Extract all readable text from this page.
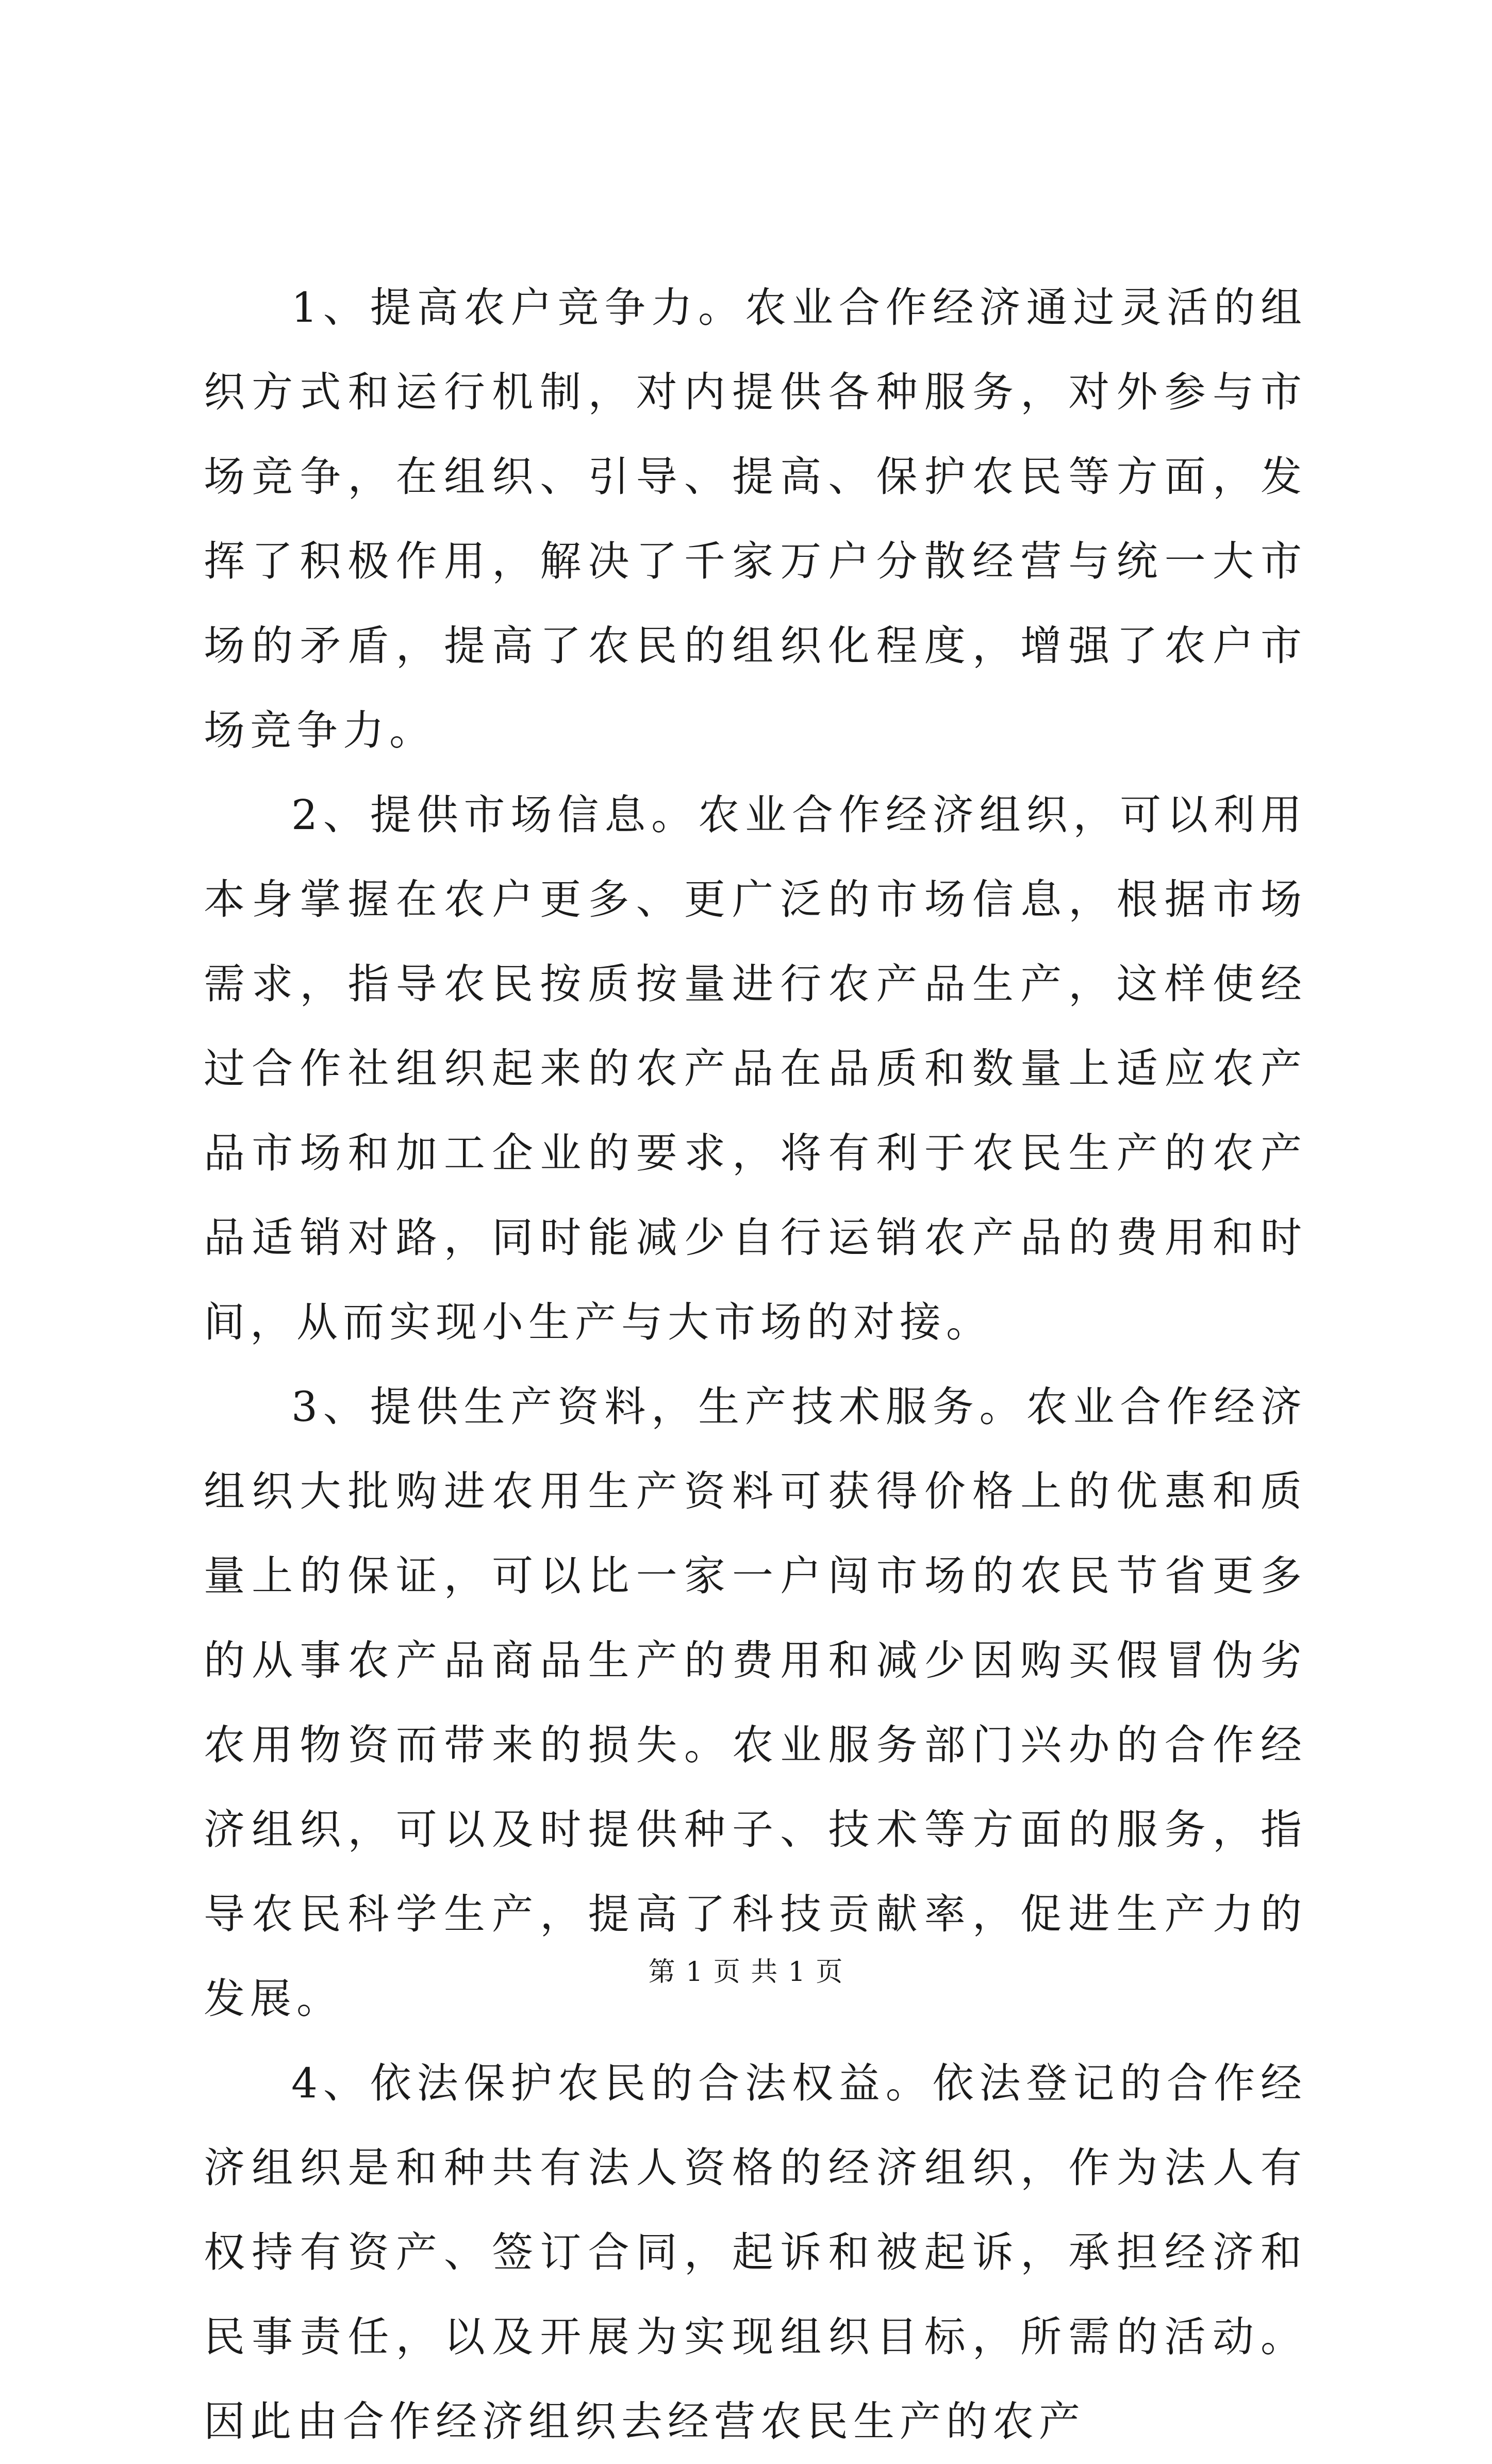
1、提高农户竞争力。农业合作经济通过灵活的组织方式和运行机制，对内提供各种服务，对外参与市场竞争，在组织、引导、提高、保护农民等方面，发挥了积极作用，解决了千家万户分散经营与统一大市场的矛盾，提高了农民的组织化程度，增强了农户市场竞争力。

2、提供市场信息。农业合作经济组织，可以利用本身掌握在农户更多、更广泛的市场信息，根据市场需求，指导农民按质按量进行农产品生产，这样使经过合作社组织起来的农产品在品质和数量上适应农产品市场和加工企业的要求，将有利于农民生产的农产品适销对路，同时能减少自行运销农产品的费用和时间，从而实现小生产与大市场的对接。

3、提供生产资料，生产技术服务。农业合作经济组织大批购进农用生产资料可获得价格上的优惠和质量上的保证，可以比一家一户闯市场的农民节省更多的从事农产品商品生产的费用和减少因购买假冒伪劣农用物资而带来的损失。农业服务部门兴办的合作经济组织，可以及时提供种子、技术等方面的服务，指导农民科学生产，提高了科技贡献率，促进生产力的发展。

4、依法保护农民的合法权益。依法登记的合作经济组织是和种共有法人资格的经济组织，作为法人有权持有资产、签订合同，起诉和被起诉，承担经济和民事责任，以及开展为实现组织目标，所需的活动。因此由合作经济组织去经营农民生产的农产

第 1 页 共 1 页
